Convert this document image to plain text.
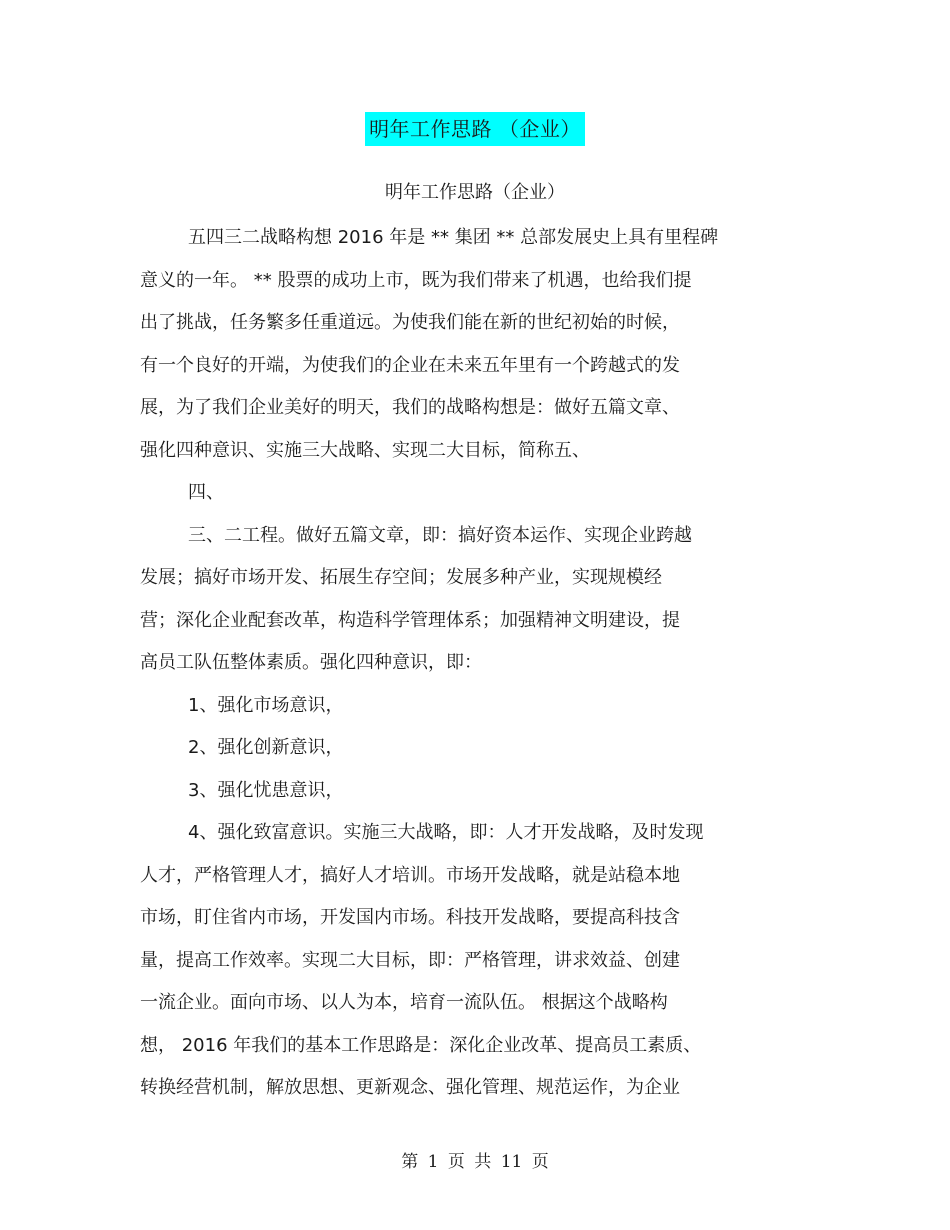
明年工作思路 （企业）
明年工作思路（企业）
五四三二战略构想 2016 年是 ** 集团 ** 总部发展史上具有里程碑
意义的一年。 ** 股票的成功上市，既为我们带来了机遇，也给我们提
出了挑战，任务繁多任重道远。为使我们能在新的世纪初始的时候，
有一个良好的开端，为使我们的企业在未来五年里有一个跨越式的发
展，为了我们企业美好的明天，我们的战略构想是：做好五篇文章、
强化四种意识、实施三大战略、实现二大目标，简称五、
四、
三、二工程。做好五篇文章，即：搞好资本运作、实现企业跨越
发展；搞好市场开发、拓展生存空间；发展多种产业，实现规模经
营；深化企业配套改革，构造科学管理体系；加强精神文明建设，提
高员工队伍整体素质。强化四种意识，即：
1、强化市场意识，
2、强化创新意识，
3、强化忧患意识，
4、强化致富意识。实施三大战略，即：人才开发战略，及时发现
人才，严格管理人才，搞好人才培训。市场开发战略，就是站稳本地
市场，盯住省内市场，开发国内市场。科技开发战略，要提高科技含
量，提高工作效率。实现二大目标，即：严格管理，讲求效益、创建
一流企业。面向市场、以人为本，培育一流队伍。 根据这个战略构
想， 2016 年我们的基本工作思路是：深化企业改革、提高员工素质、
转换经营机制，解放思想、更新观念、强化管理、规范运作，为企业
第 1 页 共 11 页
